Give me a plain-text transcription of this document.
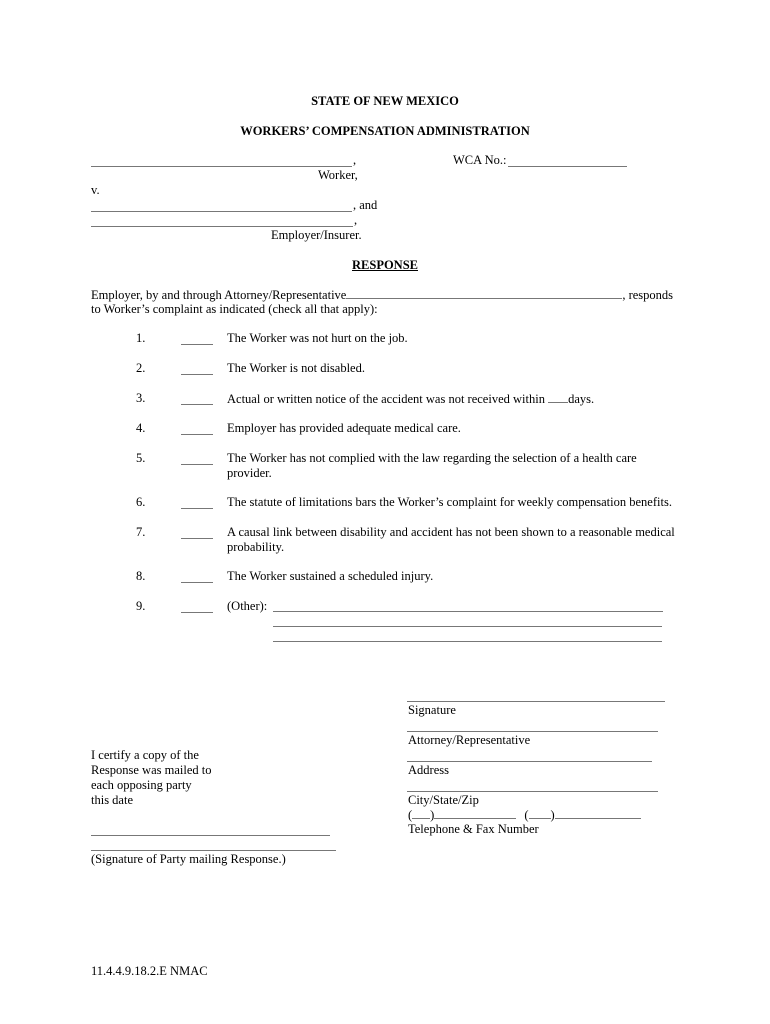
STATE OF NEW MEXICO
WORKERS’ COMPENSATION ADMINISTRATION
,	WCA No.:
Worker,
v.
, and
,
Employer/Insurer.
RESPONSE
Employer, by and through Attorney/Representative	, responds
to Worker’s complaint as indicated (check all that apply):
1.	The Worker was not hurt on the job.
2.	The Worker is not disabled.
3.	Actual or written notice of the accident was not received within days.
4.	Employer has provided adequate medical care.
5.	The Worker has not complied with the law regarding the selection of a health care
provider.
6.	The statute of limitations bars the Worker’s complaint for weekly compensation benefits.
7.	A causal link between disability and accident has not been shown to a reasonable medical
probability.
8.	The Worker sustained a scheduled injury.
9.	(Other):
Signature
Attorney/Representative
Address
City/State/Zip
( )	( )
Telephone & Fax Number
I certify a copy of the
Response was mailed to
each opposing party
this date
(Signature of Party mailing Response.)
11.4.4.9.18.2.E NMAC
